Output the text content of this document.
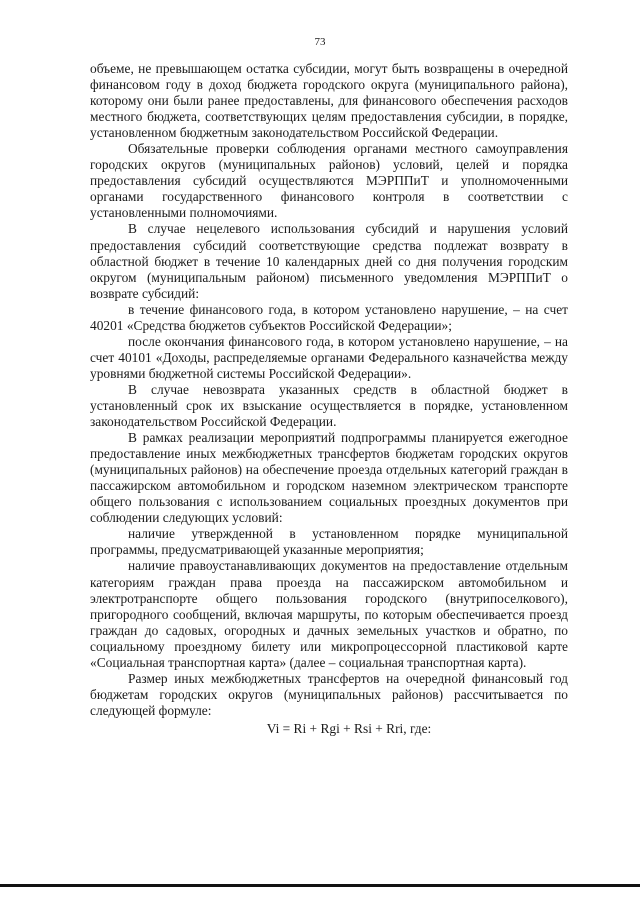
73

объеме, не превышающем остатка субсидии, могут быть возвращены в очередной финансовом году в доход бюджета городского округа (муниципального района), которому они были ранее предоставлены, для финансового обеспечения расходов местного бюджета, соответствующих целям предоставления субсидии, в порядке, установленном бюджетным законодательством Российской Федерации.

Обязательные проверки соблюдения органами местного самоуправления городских округов (муниципальных районов) условий, целей и порядка предоставления субсидий осуществляются МЭРППиТ и уполномоченными органами государственного финансового контроля в соответствии с установленными полномочиями.

В случае нецелевого использования субсидий и нарушения условий предоставления субсидий соответствующие средства подлежат возврату в областной бюджет в течение 10 календарных дней со дня получения городским округом (муниципальным районом) письменного уведомления МЭРППиТ о возврате субсидий:

в течение финансового года, в котором установлено нарушение, – на счет 40201 «Средства бюджетов субъектов Российской Федерации»;

после окончания финансового года, в котором установлено нарушение, – на счет 40101 «Доходы, распределяемые органами Федерального казначейства между уровнями бюджетной системы Российской Федерации».

В случае невозврата указанных средств в областной бюджет в установленный срок их взыскание осуществляется в порядке, установленном законодательством Российской Федерации.

В рамках реализации мероприятий подпрограммы планируется ежегодное предоставление иных межбюджетных трансфертов бюджетам городских округов (муниципальных районов) на обеспечение проезда отдельных категорий граждан в пассажирском автомобильном и городском наземном электрическом транспорте общего пользования с использованием социальных проездных документов при соблюдении следующих условий:

наличие утвержденной в установленном порядке муниципальной программы, предусматривающей указанные мероприятия;

наличие правоустанавливающих документов на предоставление отдельным категориям граждан права проезда на пассажирском автомобильном и электротранспорте общего пользования городского (внутрипоселкового), пригородного сообщений, включая маршруты, по которым обеспечивается проезд граждан до садовых, огородных и дачных земельных участков и обратно, по социальному проездному билету или микропроцессорной пластиковой карте «Социальная транспортная карта» (далее – социальная транспортная карта).

Размер иных межбюджетных трансфертов на очередной финансовый год бюджетам городских округов (муниципальных районов) рассчитывается по следующей формуле:

Vi = Ri + Rgi + Rsi + Rri, где:
